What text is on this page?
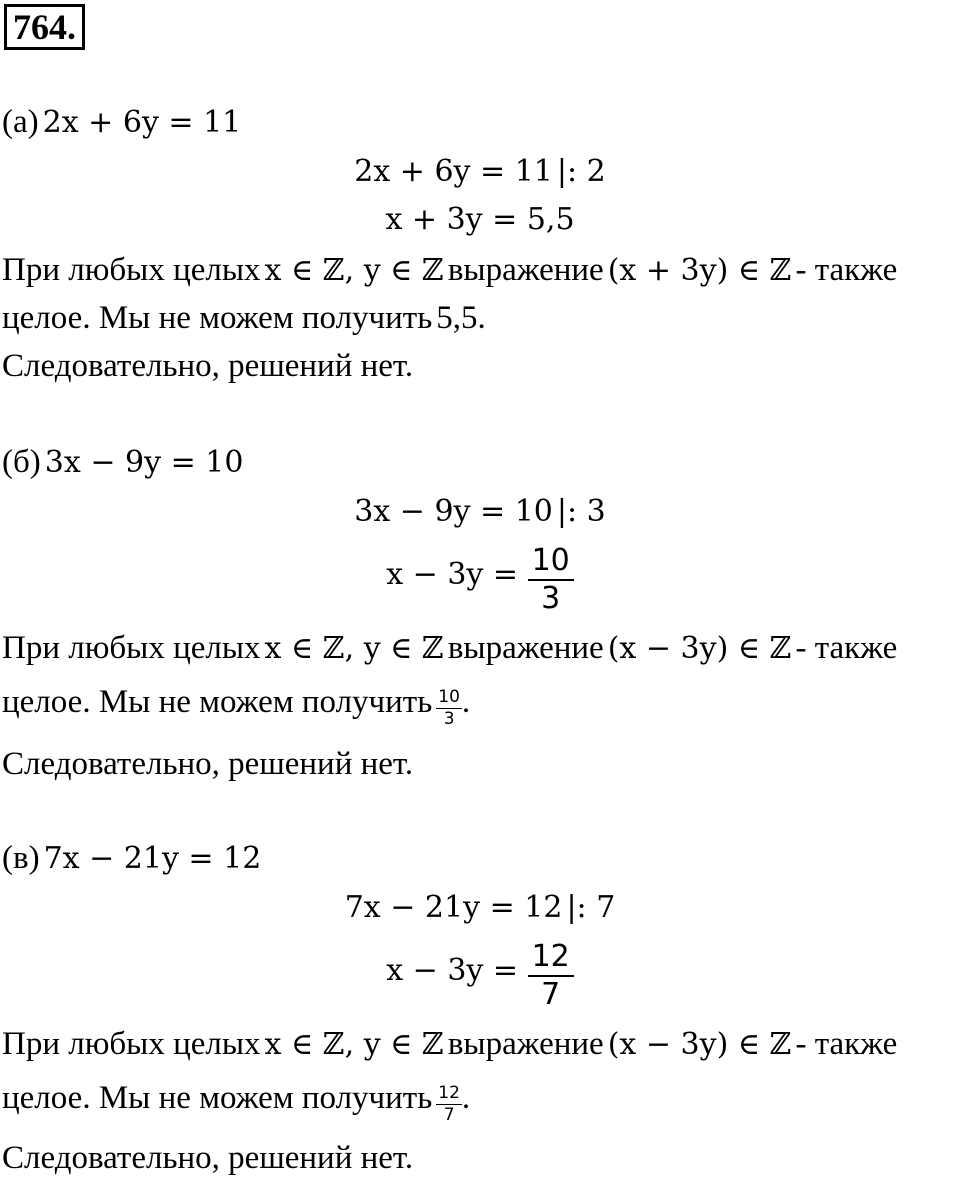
764.
(а) 2x + 6y = 11
2x + 6y = 11 |: 2
x + 3y = 5,5
При любых целых x ∈ ℤ, y ∈ ℤ выражение (x + 3y) ∈ ℤ - также
целое. Мы не можем получить 5,5.
Следовательно, решений нет.
(б) 3x − 9y = 10
3x − 9y = 10 |: 3
$x - 3y = \frac{10}{3}$
При любых целых x ∈ ℤ, y ∈ ℤ выражение (x − 3y) ∈ ℤ - также
целое. Мы не можем получить $\frac{10}{3}$ .
Следовательно, решений нет.
(в) 7x − 21y = 12
7x − 21y = 12 |: 7
$x - 3y = \frac{12}{7}$
При любых целых x ∈ ℤ, y ∈ ℤ выражение (x − 3y) ∈ ℤ - также
целое. Мы не можем получить $\frac{12}{7}$ .
Следовательно, решений нет.
